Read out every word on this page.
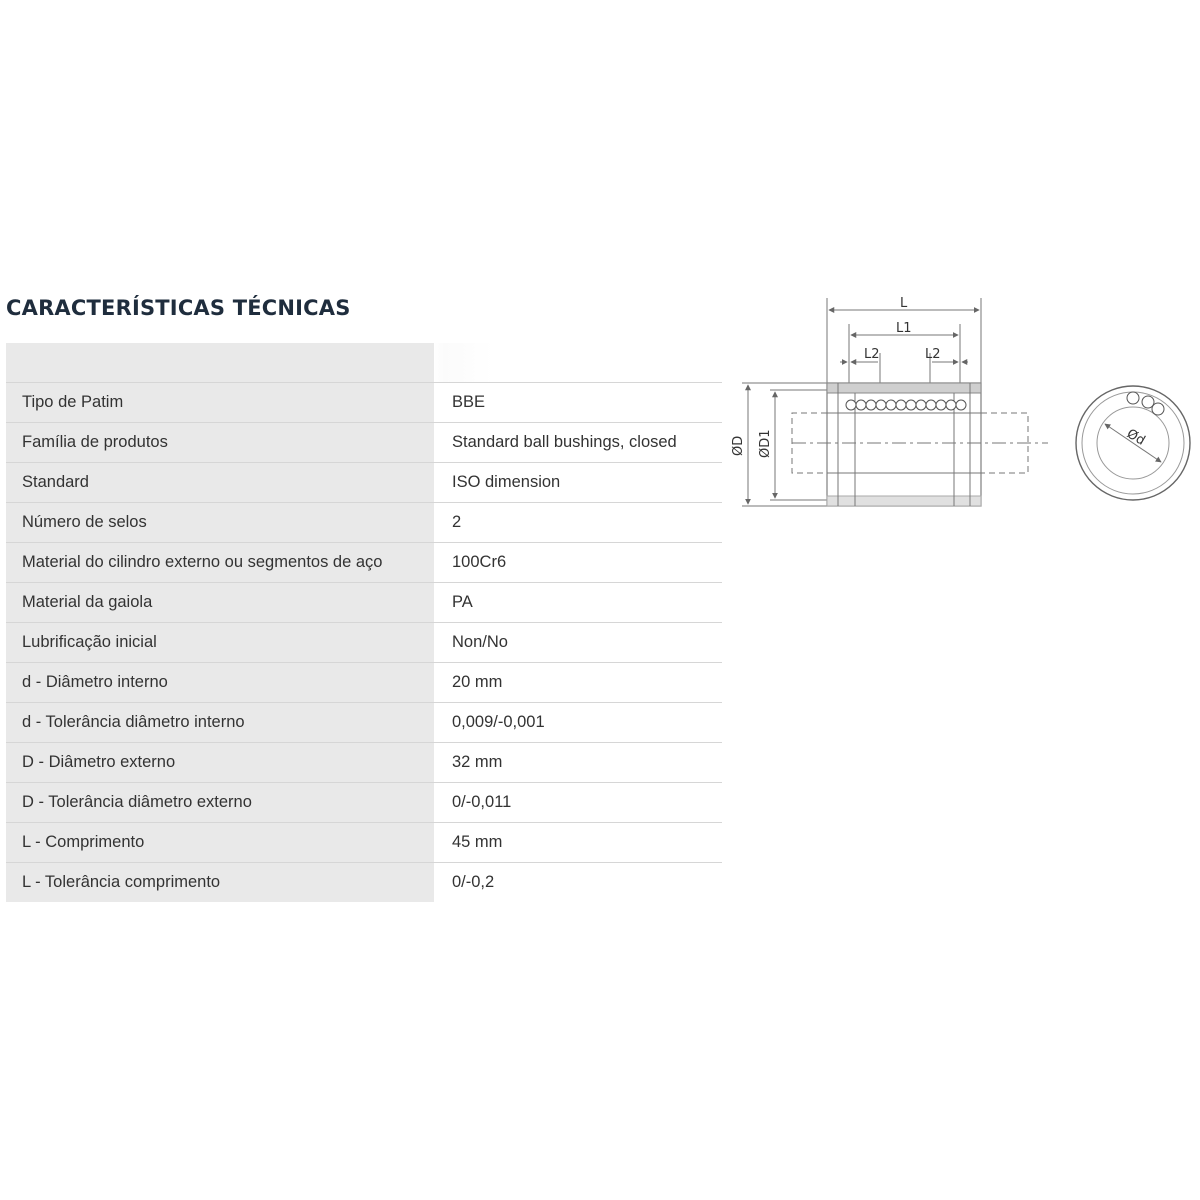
CARACTERÍSTICAS TÉCNICAS

Tipo de Patim	BBE
Família de produtos	Standard ball bushings, closed
Standard	ISO dimension
Número de selos	2
Material do cilindro externo ou segmentos de aço	100Cr6
Material da gaiola	PA
Lubrificação inicial	Non/No
d - Diâmetro interno	20 mm
d - Tolerância diâmetro interno	0,009/-0,001
D - Diâmetro externo	32 mm
D - Tolerância diâmetro externo	0/-0,011
L - Comprimento	45 mm
L - Tolerância comprimento	0/-0,2
L
L1
L2	L2
ØD ØD1	Ød
